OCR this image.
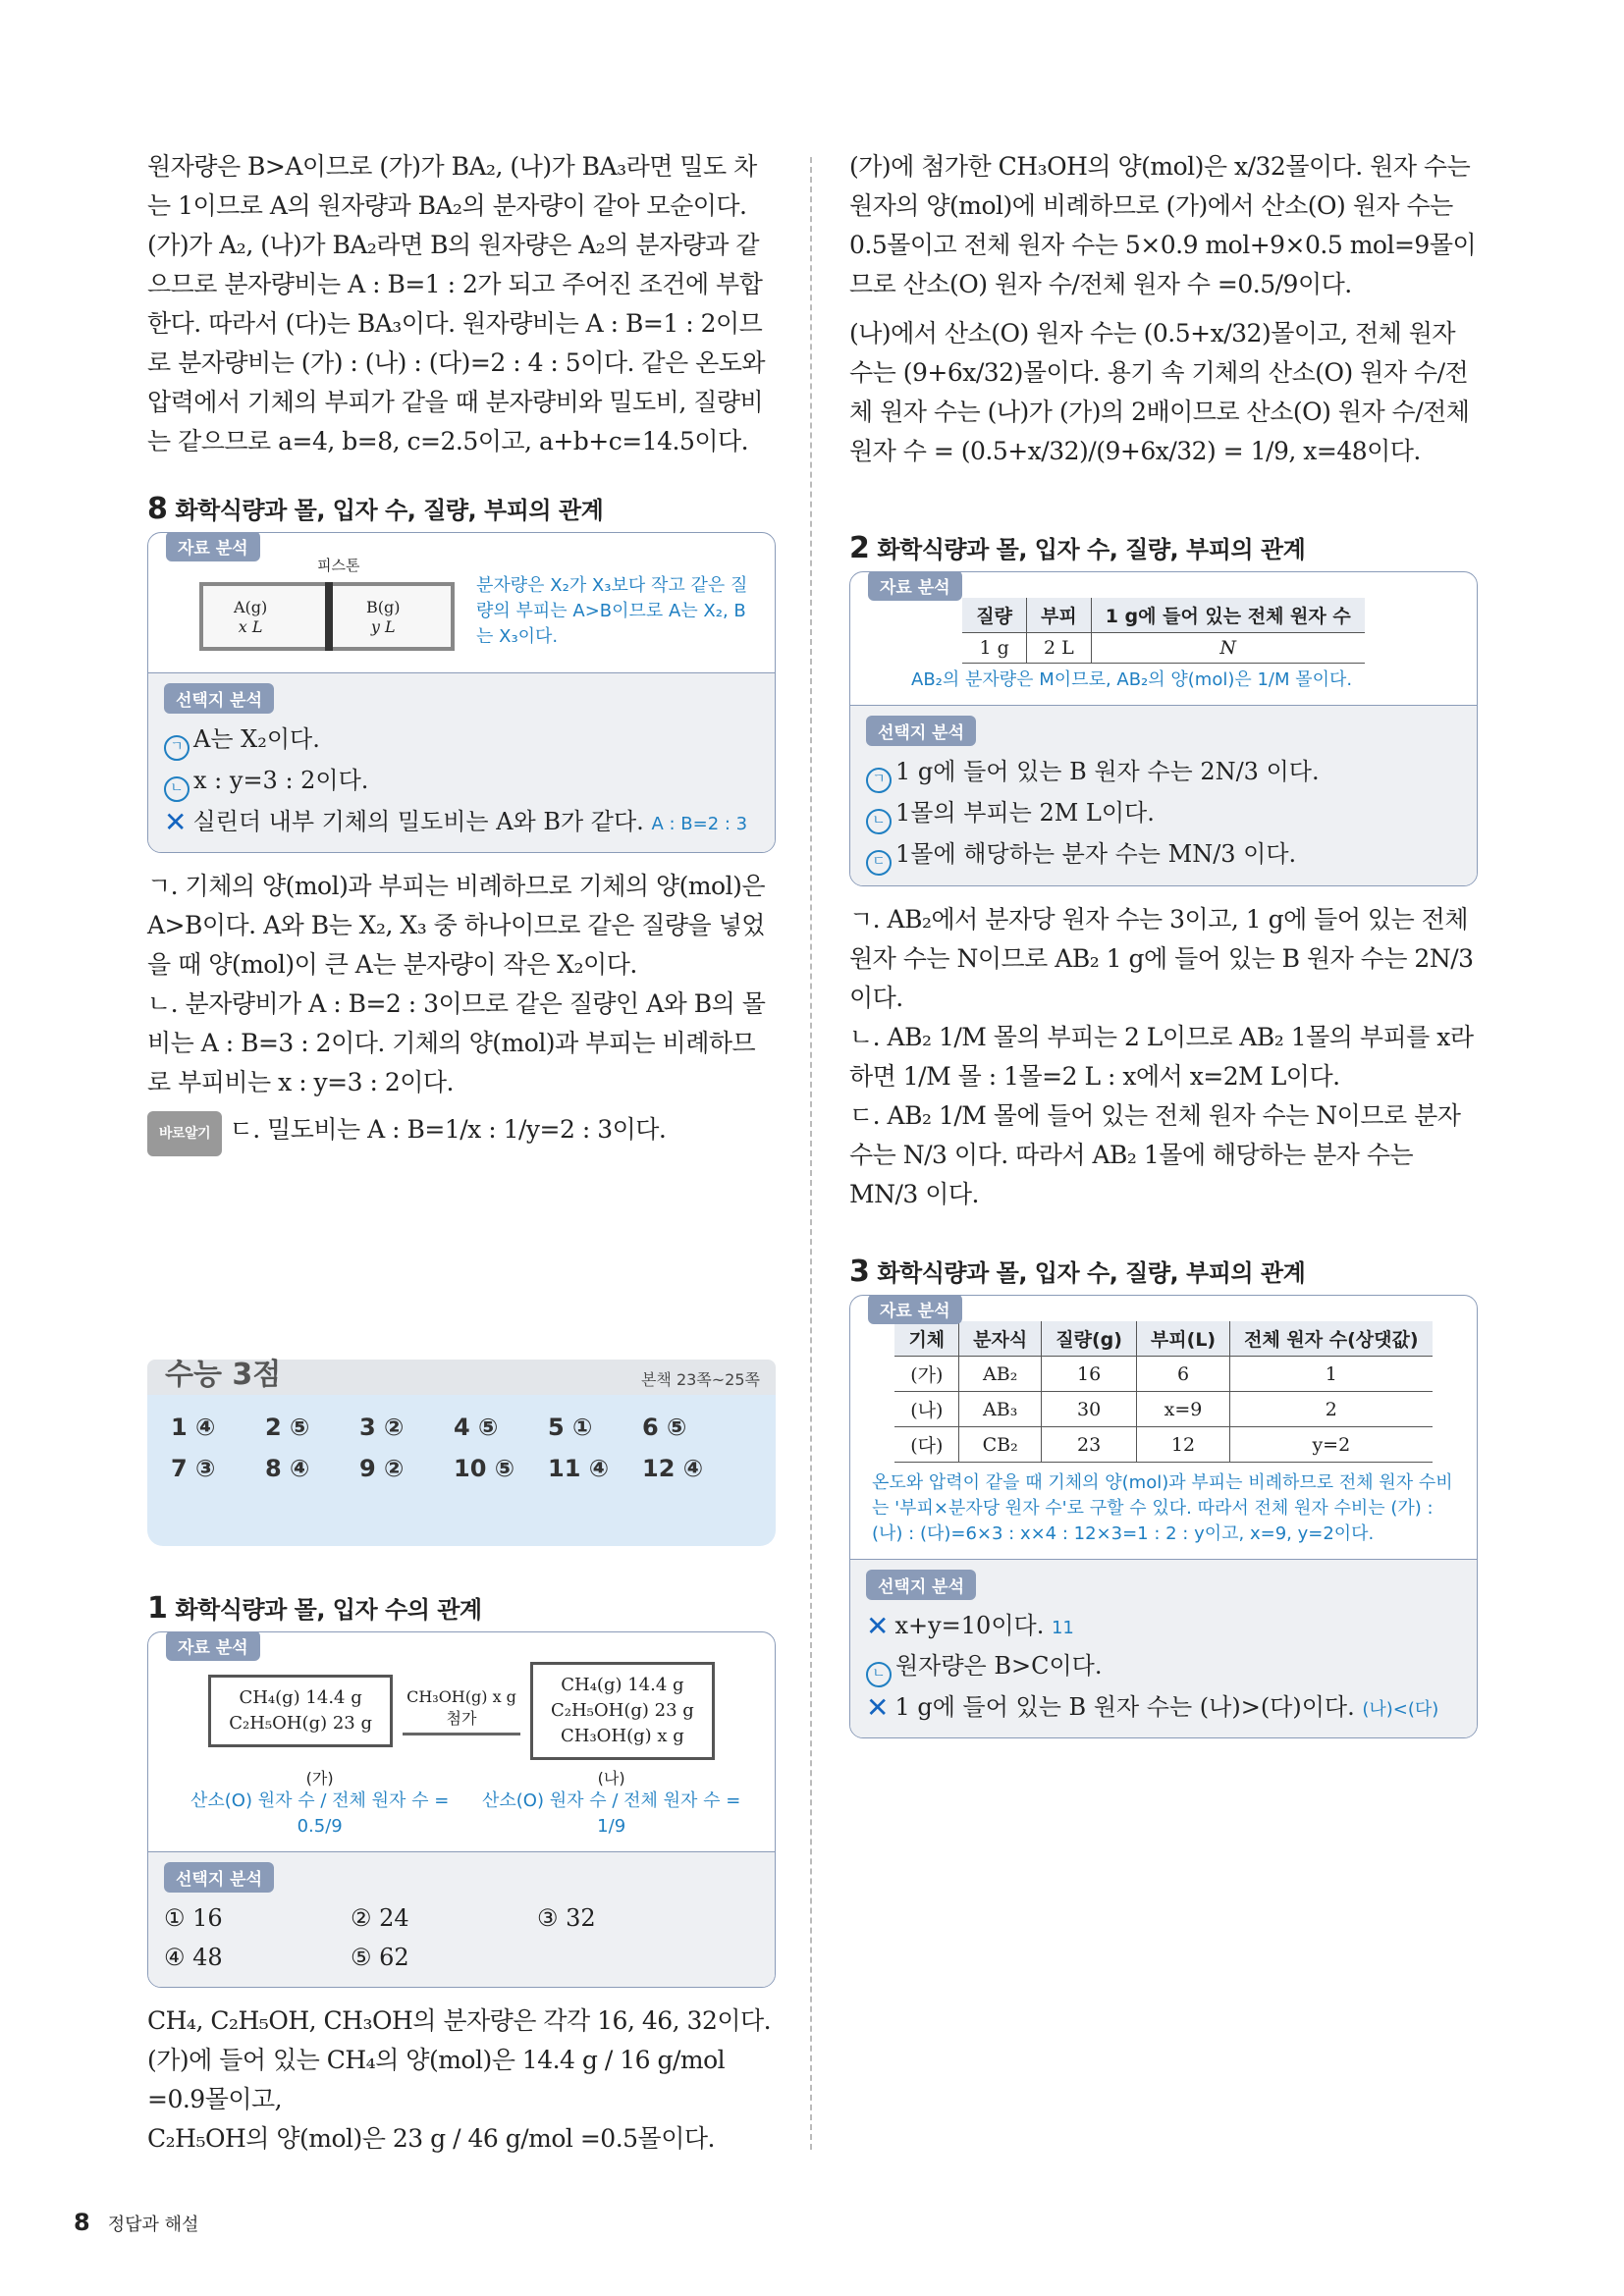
원자량은 B>A이므로 (가)가 BA₂, (나)가 BA₃라면 밀도 차는 1이므로 A의 원자량과 BA₂의 분자량이 같아 모순이다. (가)가 A₂, (나)가 BA₂라면 B의 원자량은 A₂의 분자량과 같으므로 분자량비는 A : B=1 : 2가 되고 주어진 조건에 부합한다. 따라서 (다)는 BA₃이다. 원자량비는 A : B=1 : 2이므로 분자량비는 (가) : (나) : (다)=2 : 4 : 5이다. 같은 온도와 압력에서 기체의 부피가 같을 때 분자량비와 밀도비, 질량비는 같으므로 a=4, b=8, c=2.5이고, a+b+c=14.5이다.

8 화학식량과 몰, 입자 수, 질량, 부피의 관계
자료 분석
피스톤
A(g)
x L
B(g)
y L
분자량은 X₂가 X₃보다 작고 같은 질량의 부피는 A>B이므로 A는 X₂, B는 X₃이다.
선택지 분석
ㄱ A는 X₂이다.
ㄴ x : y=3 : 2이다.
✕ 실린더 내부 기체의 밀도비는 A와 B가 같다. A : B=2 : 3

ㄱ. 기체의 양(mol)과 부피는 비례하므로 기체의 양(mol)은 A>B이다. A와 B는 X₂, X₃ 중 하나이므로 같은 질량을 넣었을 때 양(mol)이 큰 A는 분자량이 작은 X₂이다.

ㄴ. 분자량비가 A : B=2 : 3이므로 같은 질량인 A와 B의 몰비는 A : B=3 : 2이다. 기체의 양(mol)과 부피는 비례하므로 부피비는 x : y=3 : 2이다.

바로알기 ㄷ. 밀도비는 A : B=1/x : 1/y=2 : 3이다.

수능 3점	본책 23쪽~25쪽
1 ④ 2 ⑤ 3 ② 4 ⑤ 5 ① 6 ⑤
7 ③ 8 ④ 9 ② 10 ⑤ 11 ④ 12 ④
1 화학식량과 몰, 입자 수의 관계
자료 분석
CH₄(g) 14.4 g
C₂H₅OH(g) 23 g
CH₃OH(g) x g 첨가
CH₄(g) 14.4 g
C₂H₅OH(g) 23 g
CH₃OH(g) x g
(가)
산소(O) 원자 수 / 전체 원자 수 = 0.5/9
(나)
산소(O) 원자 수 / 전체 원자 수 = 1/9
선택지 분석
① 16	② 24	③ 32
④ 48	⑤ 62

CH₄, C₂H₅OH, CH₃OH의 분자량은 각각 16, 46, 32이다.

(가)에 들어 있는 CH₄의 양(mol)은 14.4 g / 16 g/mol =0.9몰이고,

C₂H₅OH의 양(mol)은 23 g / 46 g/mol =0.5몰이다.

(가)에 첨가한 CH₃OH의 양(mol)은 x/32몰이다. 원자 수는 원자의 양(mol)에 비례하므로 (가)에서 산소(O) 원자 수는 0.5몰이고 전체 원자 수는 5×0.9 mol+9×0.5 mol=9몰이므로 산소(O) 원자 수/전체 원자 수 =0.5/9이다.

(나)에서 산소(O) 원자 수는 (0.5+x/32)몰이고, 전체 원자 수는 (9+6x/32)몰이다. 용기 속 기체의 산소(O) 원자 수/전체 원자 수는 (나)가 (가)의 2배이므로 산소(O) 원자 수/전체 원자 수 = (0.5+x/32)/(9+6x/32) = 1/9, x=48이다.

2 화학식량과 몰, 입자 수, 질량, 부피의 관계
자료 분석
질량	부피	1 g에 들어 있는 전체 원자 수
1 g	2 L	N
AB₂의 분자량은 M이므로, AB₂의 양(mol)은 1/M 몰이다.
선택지 분석
ㄱ 1 g에 들어 있는 B 원자 수는 2N/3 이다.
ㄴ 1몰의 부피는 2M L이다.
ㄷ 1몰에 해당하는 분자 수는 MN/3 이다.

ㄱ. AB₂에서 분자당 원자 수는 3이고, 1 g에 들어 있는 전체 원자 수는 N이므로 AB₂ 1 g에 들어 있는 B 원자 수는 2N/3 이다.

ㄴ. AB₂ 1/M 몰의 부피는 2 L이므로 AB₂ 1몰의 부피를 x라 하면 1/M 몰 : 1몰=2 L : x에서 x=2M L이다.

ㄷ. AB₂ 1/M 몰에 들어 있는 전체 원자 수는 N이므로 분자 수는 N/3 이다. 따라서 AB₂ 1몰에 해당하는 분자 수는 MN/3 이다.

3 화학식량과 몰, 입자 수, 질량, 부피의 관계
자료 분석
기체	분자식	질량(g)	부피(L)	전체 원자 수(상댓값)
(가)	AB₂	16	6	1
(나)	AB₃	30	x=9	2
(다)	CB₂	23	12	y=2
온도와 압력이 같을 때 기체의 양(mol)과 부피는 비례하므로 전체 원자 수비는 '부피×분자당 원자 수'로 구할 수 있다. 따라서 전체 원자 수비는 (가) : (나) : (다)=6×3 : x×4 : 12×3=1 : 2 : y이고, x=9, y=2이다.
선택지 분석
✕ x+y=10이다. 11
ㄴ 원자량은 B>C이다.
✕ 1 g에 들어 있는 B 원자 수는 (나)>(다)이다. (나)<(다)
8 정답과 해설
